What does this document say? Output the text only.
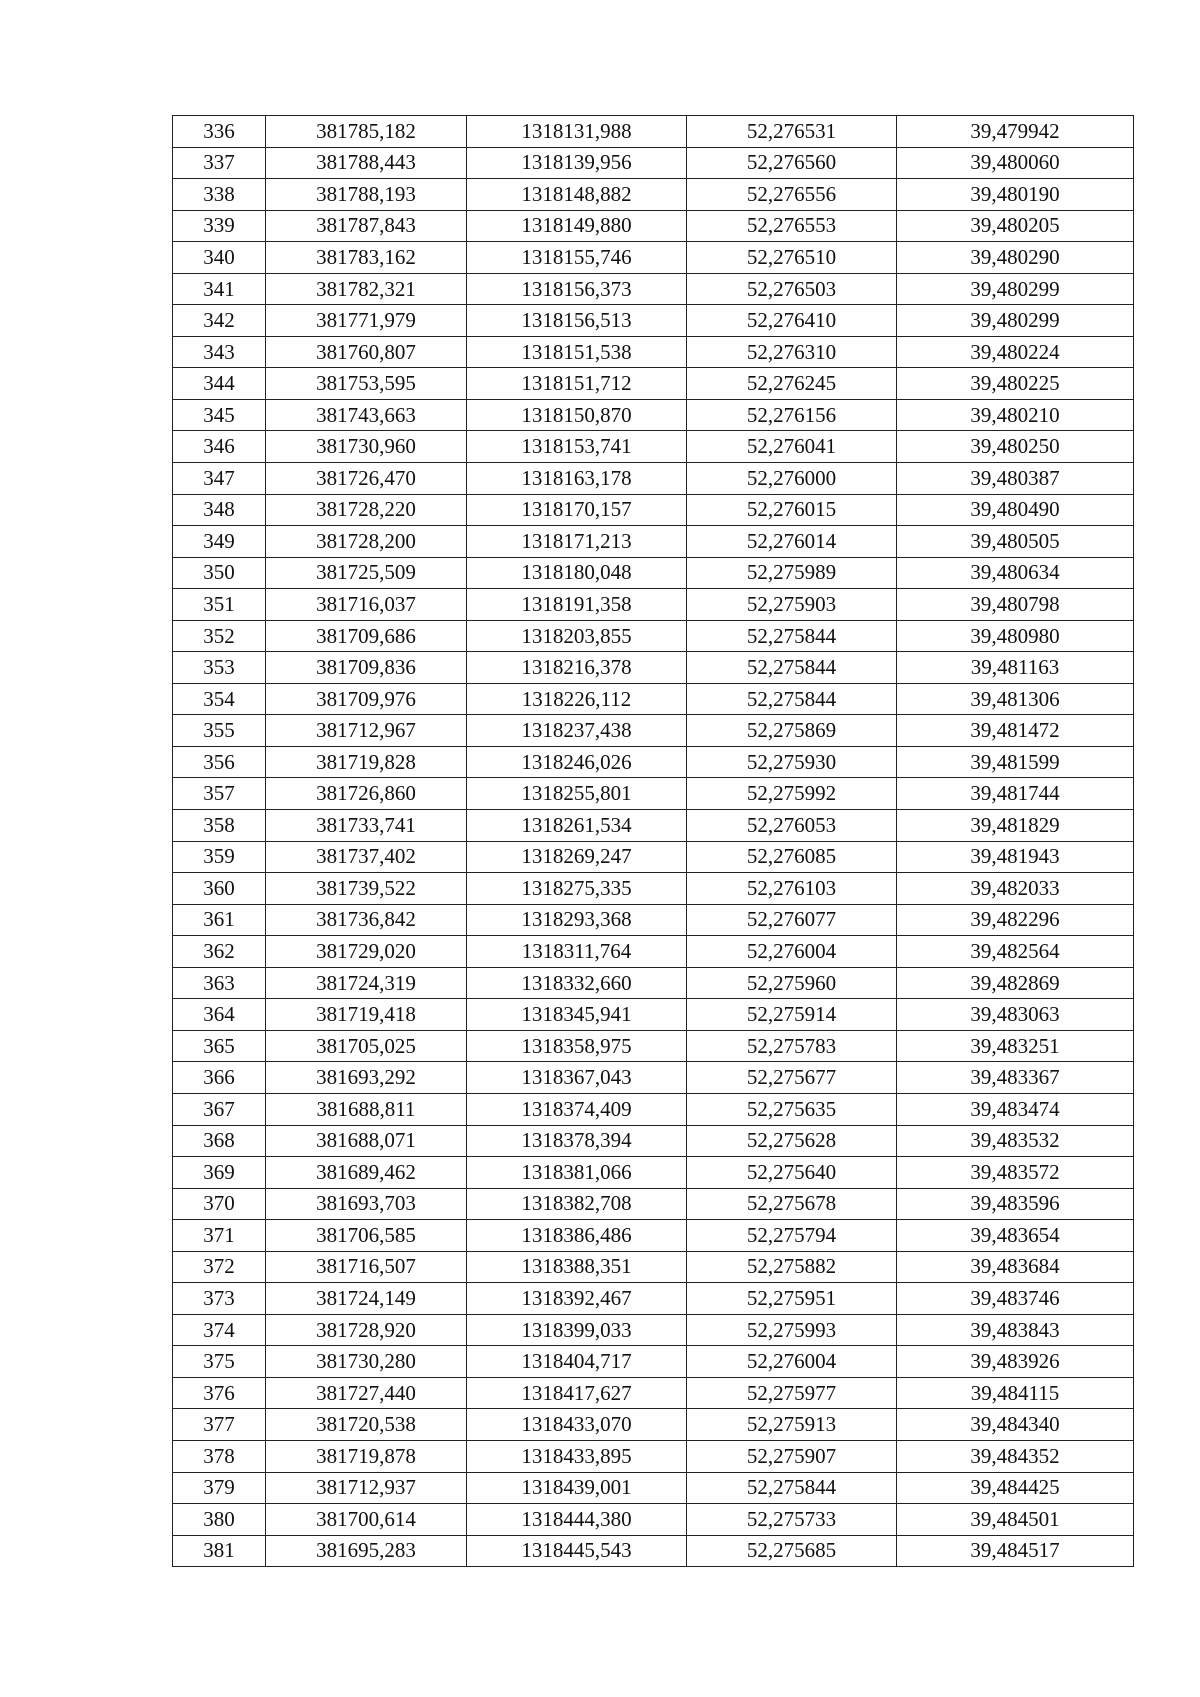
336	381785,182	1318131,988	52,276531	39,479942
337	381788,443	1318139,956	52,276560	39,480060
338	381788,193	1318148,882	52,276556	39,480190
339	381787,843	1318149,880	52,276553	39,480205
340	381783,162	1318155,746	52,276510	39,480290
341	381782,321	1318156,373	52,276503	39,480299
342	381771,979	1318156,513	52,276410	39,480299
343	381760,807	1318151,538	52,276310	39,480224
344	381753,595	1318151,712	52,276245	39,480225
345	381743,663	1318150,870	52,276156	39,480210
346	381730,960	1318153,741	52,276041	39,480250
347	381726,470	1318163,178	52,276000	39,480387
348	381728,220	1318170,157	52,276015	39,480490
349	381728,200	1318171,213	52,276014	39,480505
350	381725,509	1318180,048	52,275989	39,480634
351	381716,037	1318191,358	52,275903	39,480798
352	381709,686	1318203,855	52,275844	39,480980
353	381709,836	1318216,378	52,275844	39,481163
354	381709,976	1318226,112	52,275844	39,481306
355	381712,967	1318237,438	52,275869	39,481472
356	381719,828	1318246,026	52,275930	39,481599
357	381726,860	1318255,801	52,275992	39,481744
358	381733,741	1318261,534	52,276053	39,481829
359	381737,402	1318269,247	52,276085	39,481943
360	381739,522	1318275,335	52,276103	39,482033
361	381736,842	1318293,368	52,276077	39,482296
362	381729,020	1318311,764	52,276004	39,482564
363	381724,319	1318332,660	52,275960	39,482869
364	381719,418	1318345,941	52,275914	39,483063
365	381705,025	1318358,975	52,275783	39,483251
366	381693,292	1318367,043	52,275677	39,483367
367	381688,811	1318374,409	52,275635	39,483474
368	381688,071	1318378,394	52,275628	39,483532
369	381689,462	1318381,066	52,275640	39,483572
370	381693,703	1318382,708	52,275678	39,483596
371	381706,585	1318386,486	52,275794	39,483654
372	381716,507	1318388,351	52,275882	39,483684
373	381724,149	1318392,467	52,275951	39,483746
374	381728,920	1318399,033	52,275993	39,483843
375	381730,280	1318404,717	52,276004	39,483926
376	381727,440	1318417,627	52,275977	39,484115
377	381720,538	1318433,070	52,275913	39,484340
378	381719,878	1318433,895	52,275907	39,484352
379	381712,937	1318439,001	52,275844	39,484425
380	381700,614	1318444,380	52,275733	39,484501
381	381695,283	1318445,543	52,275685	39,484517
